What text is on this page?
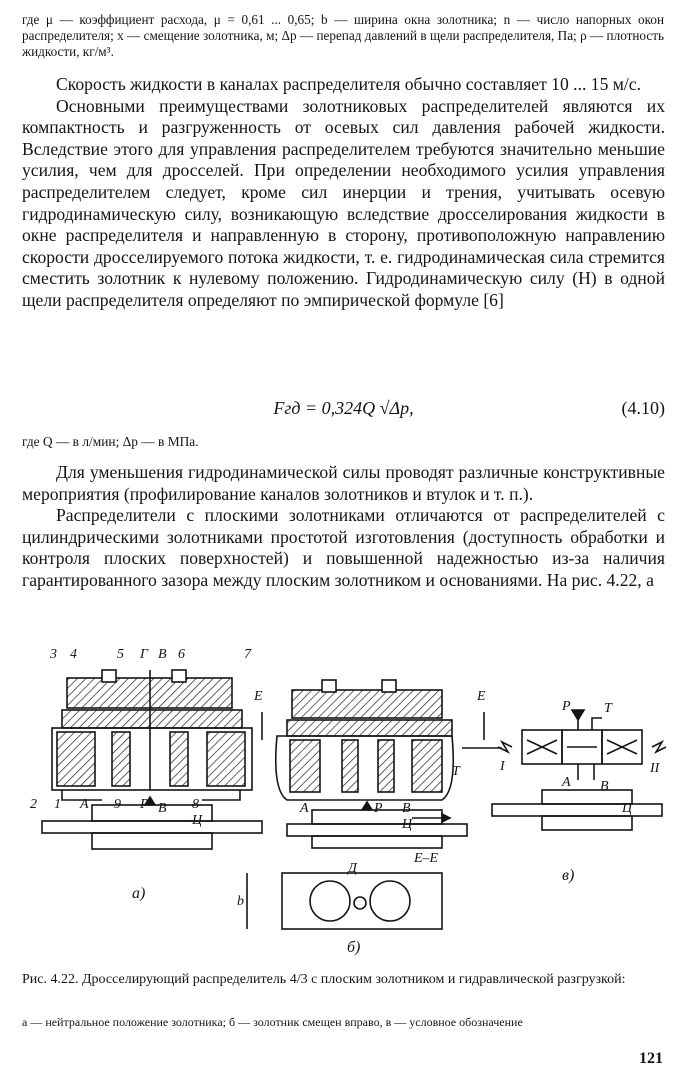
где μ — коэффициент расхода, μ = 0,61 ... 0,65; b — ширина окна золотника; n — число напорных окон распределителя; x — смещение золотника, м; Δp — перепад давлений в щели распределителя, Па; ρ — плотность жидкости, кг/м³.

Скорость жидкости в каналах распределителя обычно составляет 10 ... 15 м/с.

Основными преимуществами золотниковых распределителей являются их компактность и разгруженность от осевых сил давления рабочей жидкости. Вследствие этого для управления распределителем требуются значительно меньшие усилия, чем для дросселей. При определении необходимого усилия управления распределителем следует, кроме сил инерции и трения, учитывать осевую гидродинамическую силу, возникающую вследствие дросселирования жидкости в окне распределителя и направленную в сторону, противоположную направлению скорости дросселируемого потока жидкости, т. е. гидродинамическая сила стремится сместить золотник к нулевому положению. Гидродинамическую силу (Н) в одной щели распределителя определяют по эмпирической формуле [6]

Fгд = 0,324Q √Δp,	(4.10)
где Q — в л/мин; Δp — в МПа.

Для уменьшения гидродинамической силы проводят различные конструктивные мероприятия (профилирование каналов золотников и втулок и т. п.).

Распределители с плоскими золотниками отличаются от распределителей с цилиндрическими золотниками простотой изготовления (доступность обработки и контроля плоских поверхностей) и повышенной надежностью из-за наличия гарантированного зазора между плоским золотником и основаниями. На рис. 4.22, а

3 4	5 Г В 6	7
2 1 А 9 Р В 8
Ц
а)
Е	Е
Т
А	Р В
Ц
Е–Е
Д
b
б)
Р Т
I	II
А В
Ц
в)

Рис. 4.22. Дросселирующий распределитель 4/3 с плоским золотником и гидравлической разгрузкой:

а — нейтральное положение золотника; б — золотник смещен вправо, в — условное обозначение
121
